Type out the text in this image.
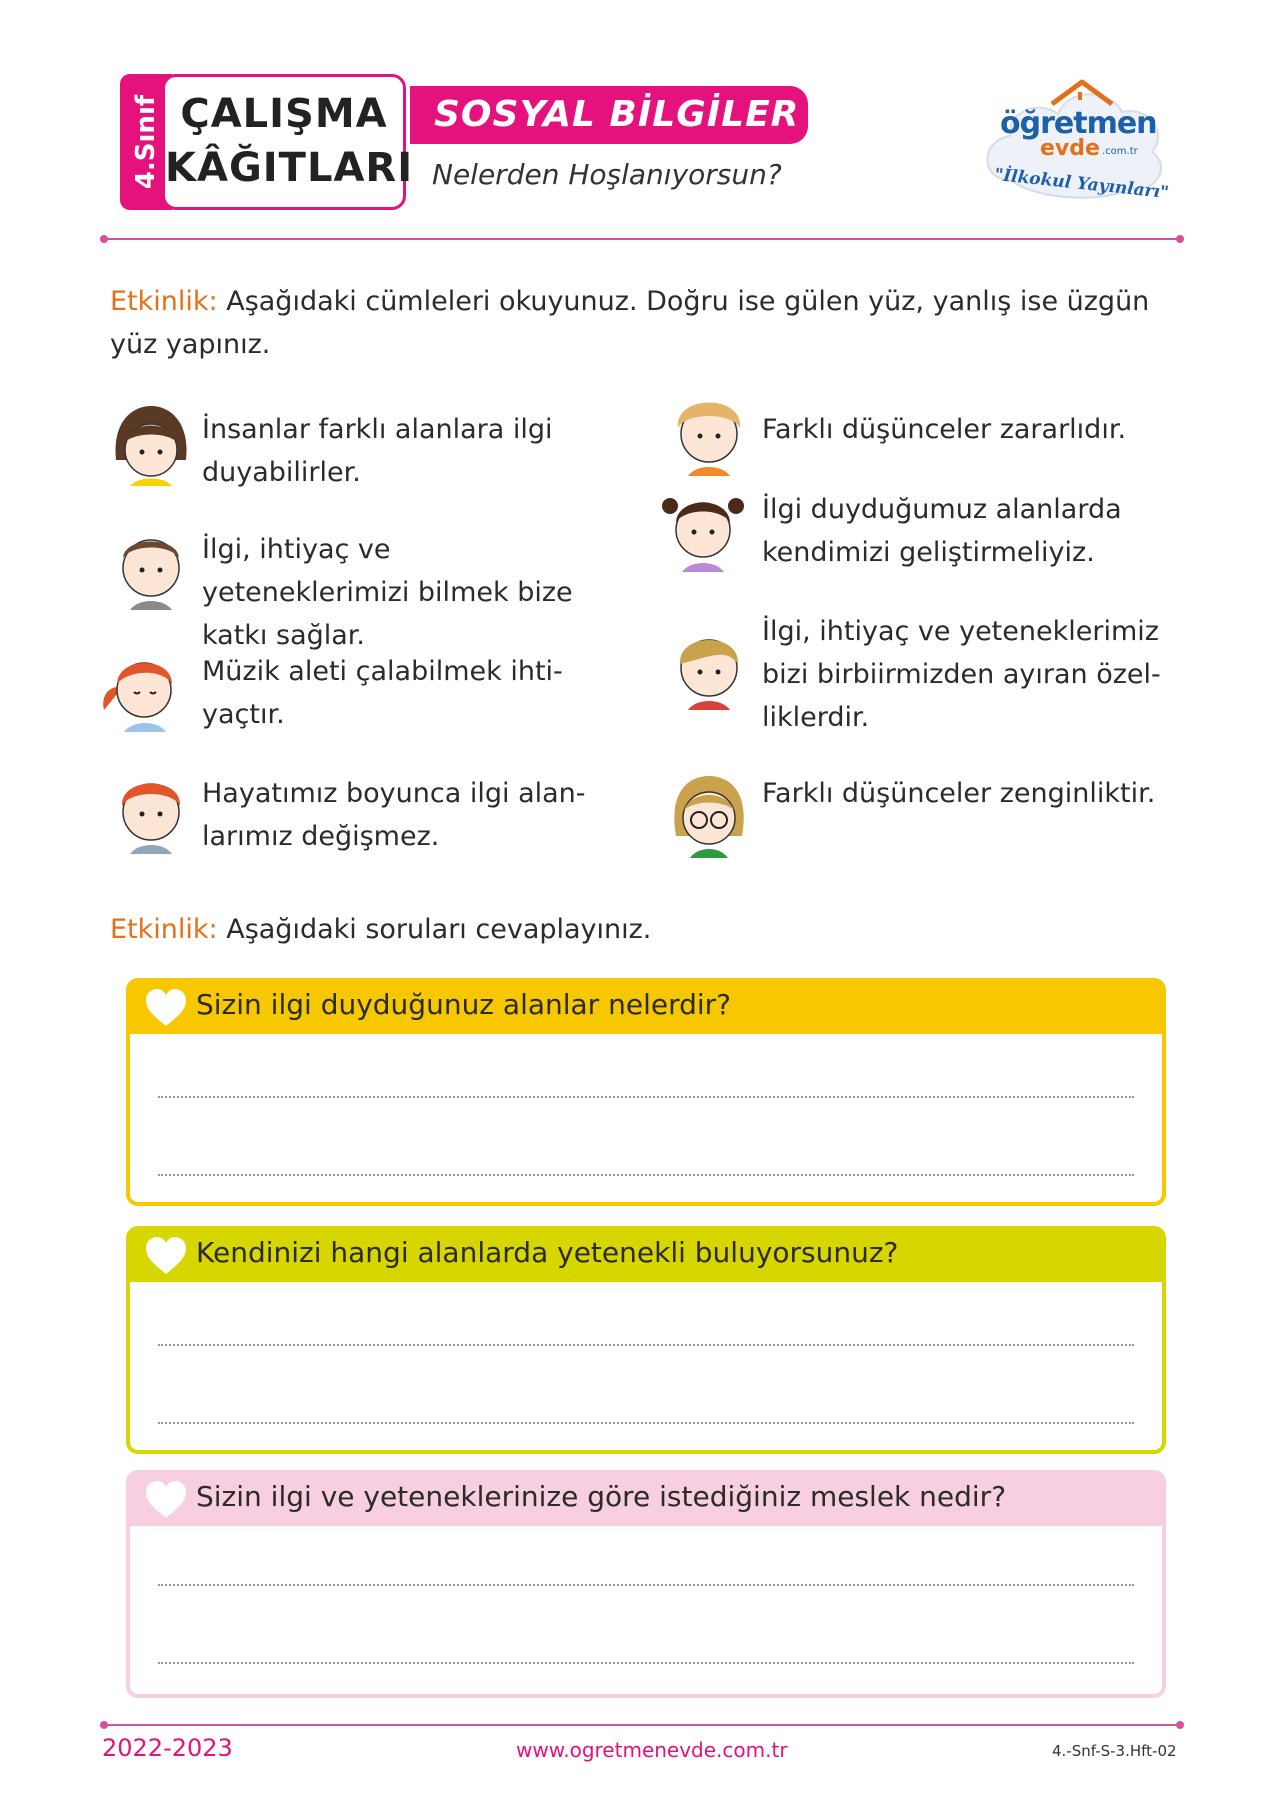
4.Sınıf ÇALIŞMA
KÂĞITLARI
SOSYAL BİLGİLER
Nelerden Hoşlanıyorsun?
öğretmen
evde .com.tr
"İlkokul Yayınları"
Etkinlik: Aşağıdaki cümleleri okuyunuz. Doğru ise gülen yüz, yanlış ise üzgün yüz yapınız.
İnsanlar farklı alanlara ilgi duyabilirler.
İlgi, ihtiyaç ve yeteneklerimizi bilmek bize katkı sağlar.
Müzik aleti çalabilmek ihti-yaçtır.
Hayatımız boyunca ilgi alan-larımız değişmez.
Farklı düşünceler zararlıdır.
İlgi duyduğumuz alanlarda kendimizi geliştirmeliyiz.
İlgi, ihtiyaç ve yeteneklerimiz bizi birbiirmizden ayıran özel-liklerdir.
Farklı düşünceler zenginliktir.
Etkinlik: Aşağıdaki soruları cevaplayınız.
Sizin ilgi duyduğunuz alanlar nelerdir?
Kendinizi hangi alanlarda yetenekli buluyorsunuz?
Sizin ilgi ve yeteneklerinize göre istediğiniz meslek nedir?
2022-2023	www.ogretmenevde.com.tr	4.-Snf-S-3.Hft-02
